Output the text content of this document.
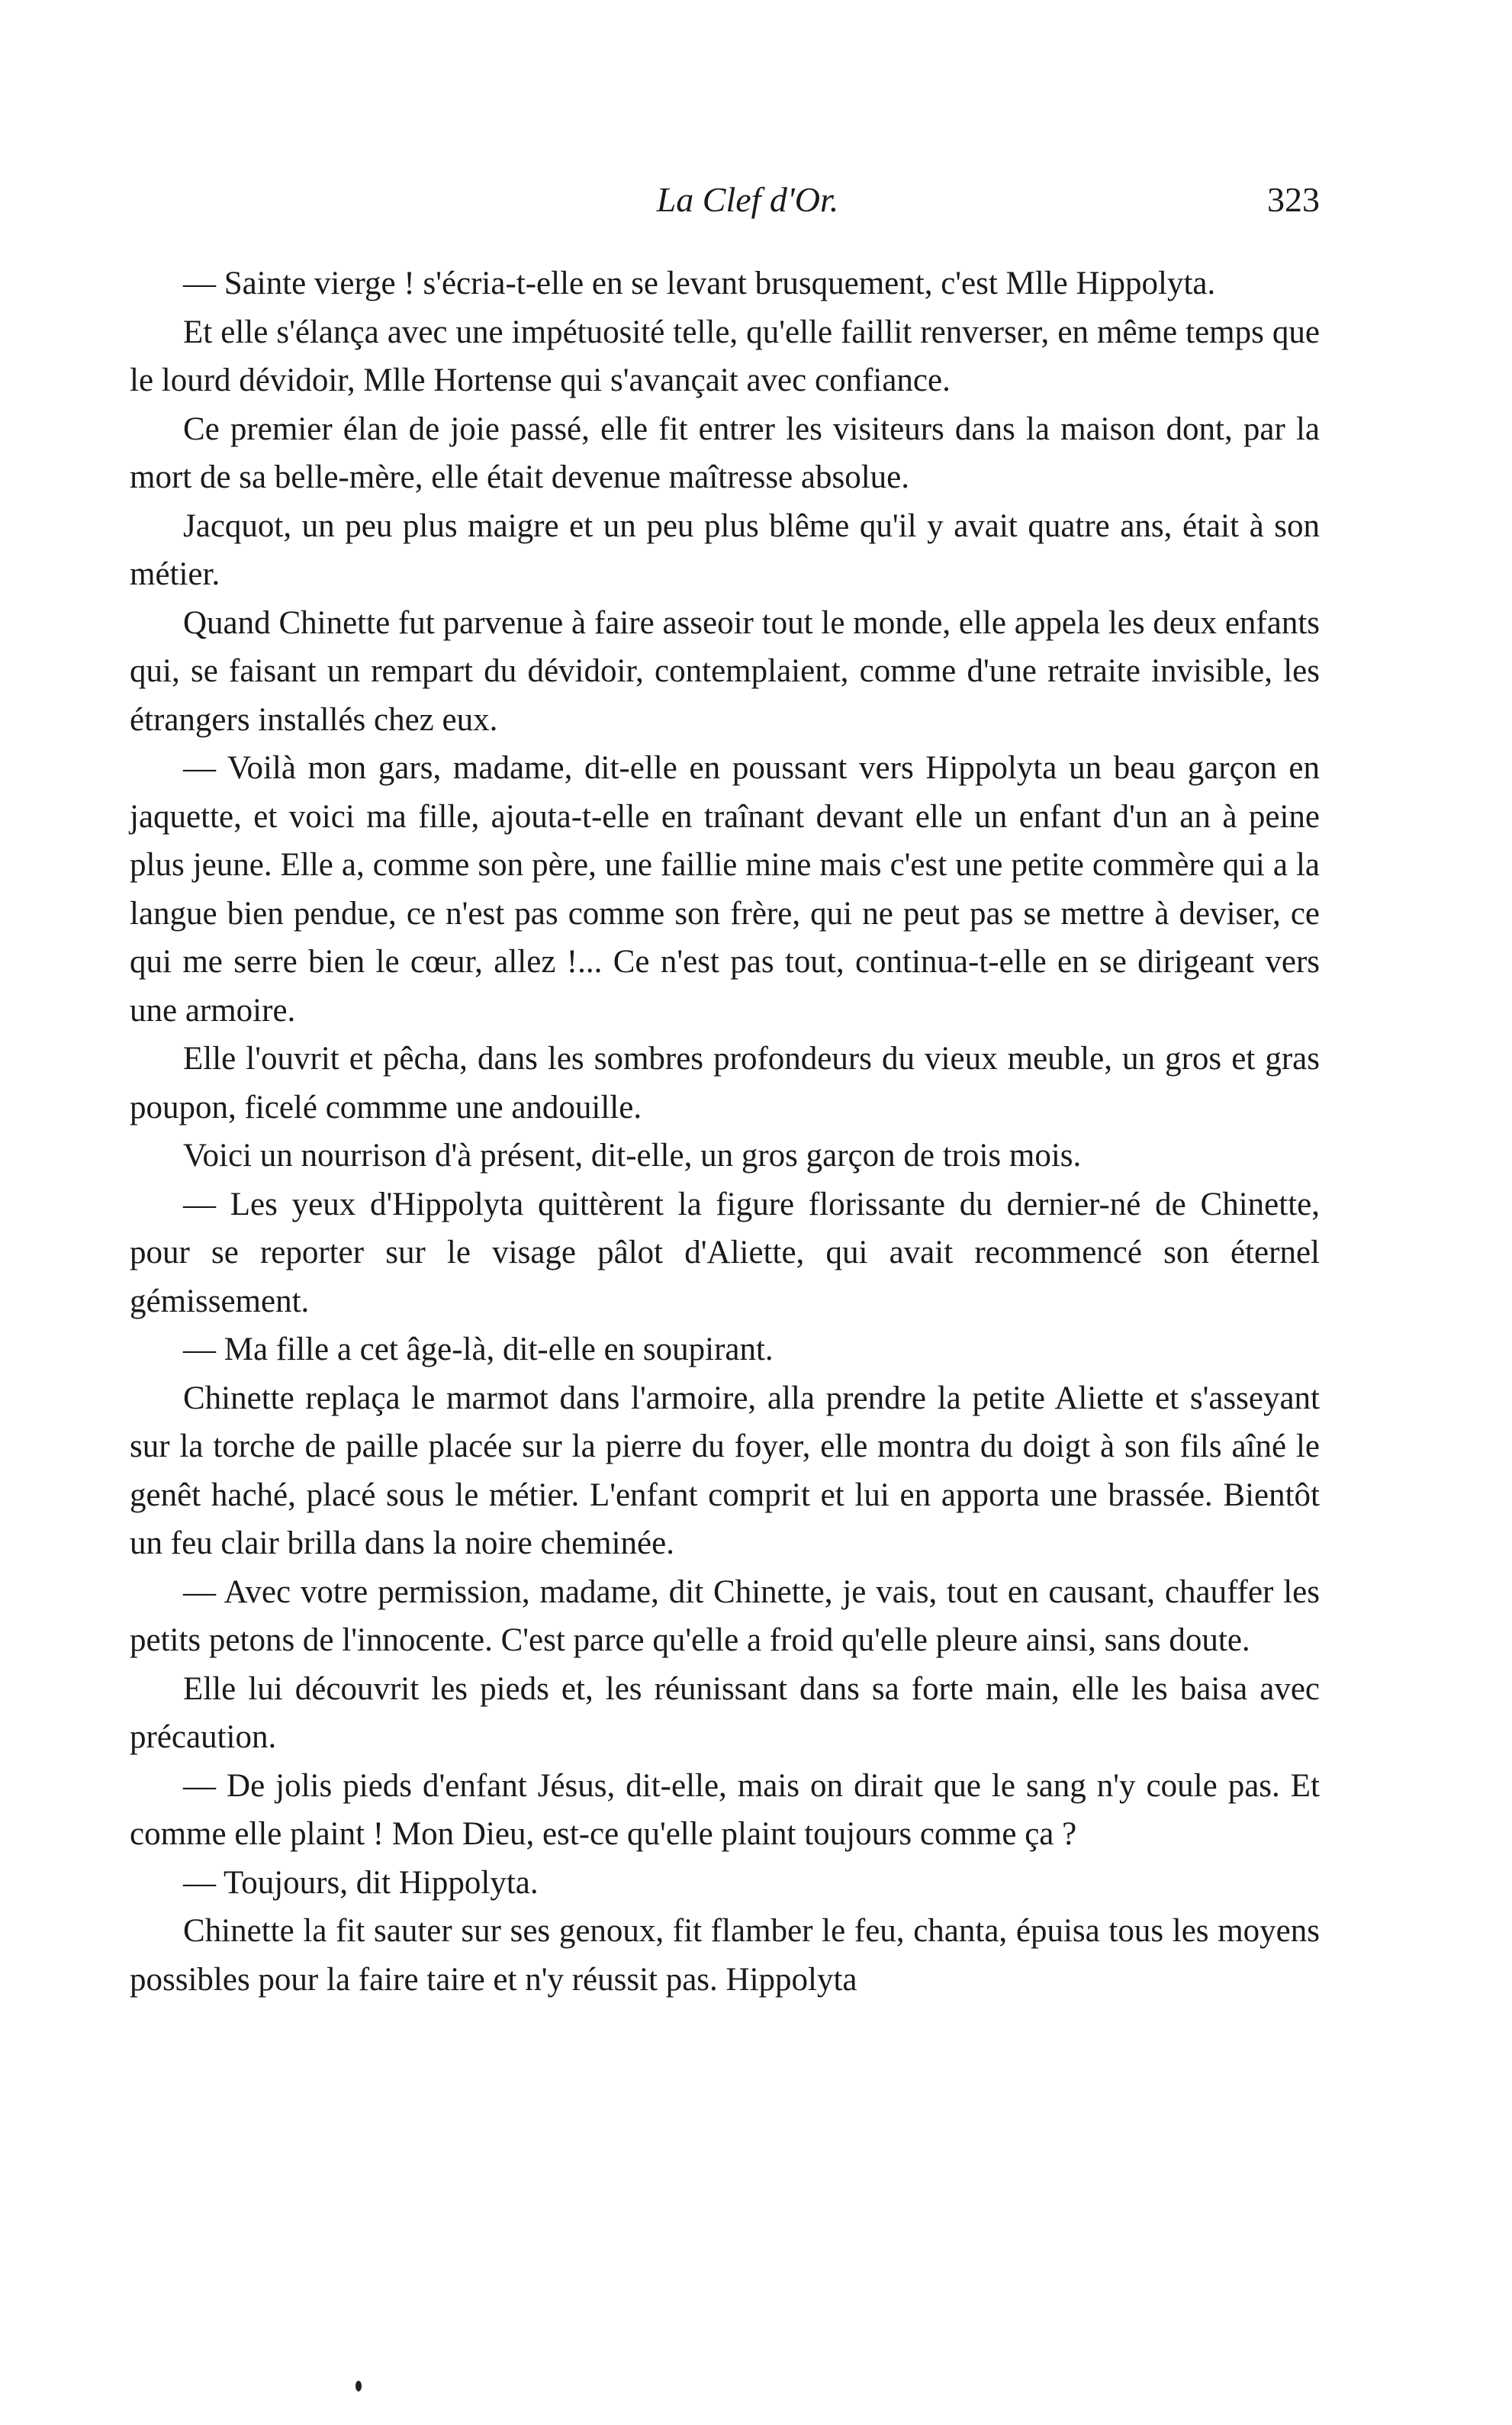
La Clef d'Or.	323

— Sainte vierge ! s'écria-t-elle en se levant brusquement, c'est Mlle Hippolyta.

Et elle s'élança avec une impétuosité telle, qu'elle faillit renverser, en même temps que le lourd dévidoir, Mlle Hortense qui s'avançait avec confiance.

Ce premier élan de joie passé, elle fit entrer les visiteurs dans la maison dont, par la mort de sa belle-mère, elle était devenue maîtresse absolue.

Jacquot, un peu plus maigre et un peu plus blême qu'il y avait quatre ans, était à son métier.

Quand Chinette fut parvenue à faire asseoir tout le monde, elle appela les deux enfants qui, se faisant un rempart du dévidoir, contemplaient, comme d'une retraite invisible, les étrangers installés chez eux.

— Voilà mon gars, madame, dit-elle en poussant vers Hippolyta un beau garçon en jaquette, et voici ma fille, ajouta-t-elle en traînant devant elle un enfant d'un an à peine plus jeune. Elle a, comme son père, une faillie mine mais c'est une petite commère qui a la langue bien pendue, ce n'est pas comme son frère, qui ne peut pas se mettre à deviser, ce qui me serre bien le cœur, allez !... Ce n'est pas tout, continua-t-elle en se dirigeant vers une armoire.

Elle l'ouvrit et pêcha, dans les sombres profondeurs du vieux meuble, un gros et gras poupon, ficelé commme une andouille.

Voici un nourrison d'à présent, dit-elle, un gros garçon de trois mois.

— Les yeux d'Hippolyta quittèrent la figure florissante du dernier-né de Chinette, pour se reporter sur le visage pâlot d'Aliette, qui avait recommencé son éternel gémissement.

— Ma fille a cet âge-là, dit-elle en soupirant.

Chinette replaça le marmot dans l'armoire, alla prendre la petite Aliette et s'asseyant sur la torche de paille placée sur la pierre du foyer, elle montra du doigt à son fils aîné le genêt haché, placé sous le métier. L'enfant comprit et lui en apporta une brassée. Bientôt un feu clair brilla dans la noire cheminée.

— Avec votre permission, madame, dit Chinette, je vais, tout en causant, chauffer les petits petons de l'innocente. C'est parce qu'elle a froid qu'elle pleure ainsi, sans doute.

Elle lui découvrit les pieds et, les réunissant dans sa forte main, elle les baisa avec précaution.

— De jolis pieds d'enfant Jésus, dit-elle, mais on dirait que le sang n'y coule pas. Et comme elle plaint ! Mon Dieu, est-ce qu'elle plaint toujours comme ça ?

— Toujours, dit Hippolyta.

Chinette la fit sauter sur ses genoux, fit flamber le feu, chanta, épuisa tous les moyens possibles pour la faire taire et n'y réussit pas. Hippolyta
